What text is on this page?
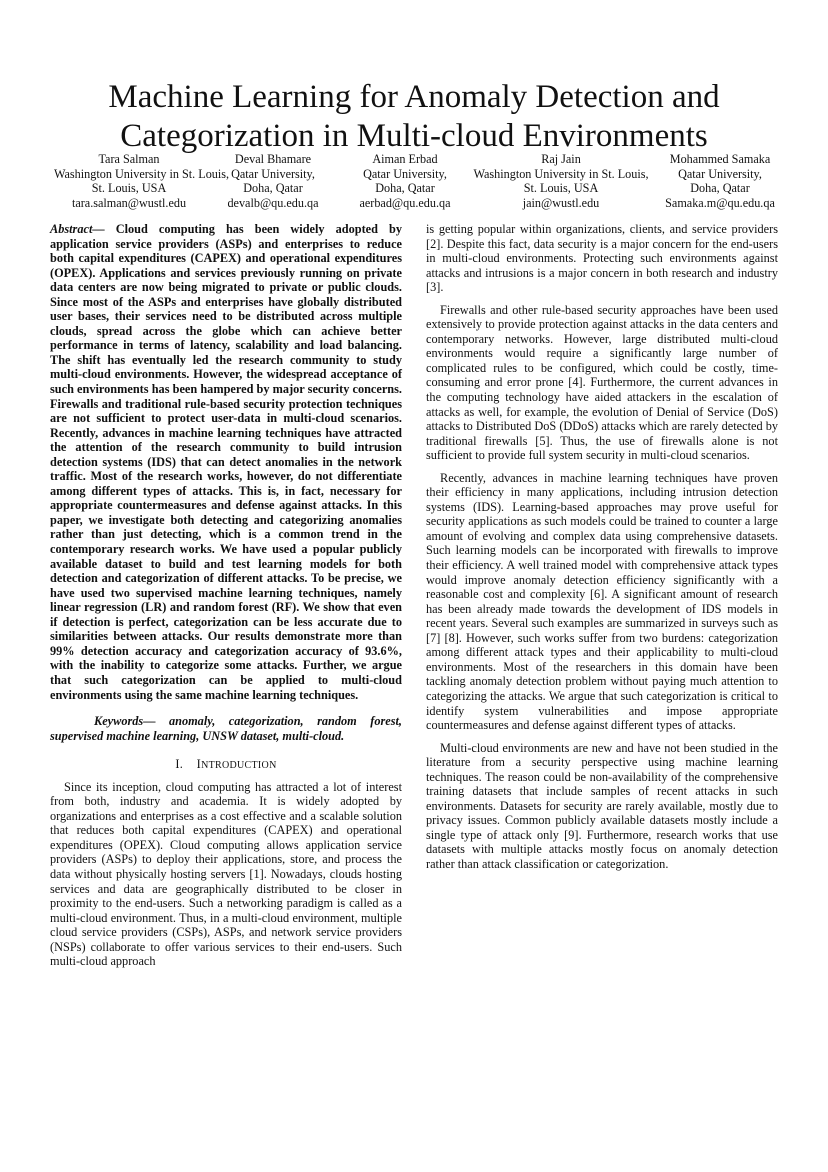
Machine Learning for Anomaly Detection and
Categorization in Multi-cloud Environments
Tara Salman
Washington University in St. Louis,
St. Louis, USA
tara.salman@wustl.edu
Deval Bhamare
Qatar University,
Doha, Qatar
devalb@qu.edu.qa
Aiman Erbad
Qatar University,
Doha, Qatar
aerbad@qu.edu.qa
Raj Jain
Washington University in St. Louis,
St. Louis, USA
jain@wustl.edu
Mohammed Samaka
Qatar University,
Doha, Qatar
Samaka.m@qu.edu.qa

Abstract— Cloud computing has been widely adopted by application service providers (ASPs) and enterprises to reduce both capital expenditures (CAPEX) and operational expenditures (OPEX). Applications and services previously running on private data centers are now being migrated to private or public clouds. Since most of the ASPs and enterprises have globally distributed user bases, their services need to be distributed across multiple clouds, spread across the globe which can achieve better performance in terms of latency, scalability and load balancing. The shift has eventually led the research community to study multi-cloud environments. However, the widespread acceptance of such environments has been hampered by major security concerns. Firewalls and traditional rule-based security protection techniques are not sufficient to protect user-data in multi-cloud scenarios. Recently, advances in machine learning techniques have attracted the attention of the research community to build intrusion detection systems (IDS) that can detect anomalies in the network traffic. Most of the research works, however, do not differentiate among different types of attacks. This is, in fact, necessary for appropriate countermeasures and defense against attacks. In this paper, we investigate both detecting and categorizing anomalies rather than just detecting, which is a common trend in the contemporary research works. We have used a popular publicly available dataset to build and test learning models for both detection and categorization of different attacks. To be precise, we have used two supervised machine learning techniques, namely linear regression (LR) and random forest (RF). We show that even if detection is perfect, categorization can be less accurate due to similarities between attacks. Our results demonstrate more than 99% detection accuracy and categorization accuracy of 93.6%, with the inability to categorize some attacks. Further, we argue that such categorization can be applied to multi-cloud environments using the same machine learning techniques.

Keywords— anomaly, categorization, random forest, supervised machine learning, UNSW dataset, multi-cloud.

I. INTRODUCTION

Since its inception, cloud computing has attracted a lot of interest from both, industry and academia. It is widely adopted by organizations and enterprises as a cost effective and a scalable solution that reduces both capital expenditures (CAPEX) and operational expenditures (OPEX). Cloud computing allows application service providers (ASPs) to deploy their applications, store, and process the data without physically hosting servers [1]. Nowadays, clouds hosting services and data are geographically distributed to be closer in proximity to the end-users. Such a networking paradigm is called as a multi-cloud environment. Thus, in a multi-cloud environment, multiple cloud service providers (CSPs), ASPs, and network service providers (NSPs) collaborate to offer various services to their end-users. Such multi-cloud approach

is getting popular within organizations, clients, and service providers [2]. Despite this fact, data security is a major concern for the end-users in multi-cloud environments. Protecting such environments against attacks and intrusions is a major concern in both research and industry [3].

Firewalls and other rule-based security approaches have been used extensively to provide protection against attacks in the data centers and contemporary networks. However, large distributed multi-cloud environments would require a significantly large number of complicated rules to be configured, which could be costly, time-consuming and error prone [4]. Furthermore, the current advances in the computing technology have aided attackers in the escalation of attacks as well, for example, the evolution of Denial of Service (DoS) attacks to Distributed DoS (DDoS) attacks which are rarely detected by traditional firewalls [5]. Thus, the use of firewalls alone is not sufficient to provide full system security in multi-cloud scenarios.

Recently, advances in machine learning techniques have proven their efficiency in many applications, including intrusion detection systems (IDS). Learning-based approaches may prove useful for security applications as such models could be trained to counter a large amount of evolving and complex data using comprehensive datasets. Such learning models can be incorporated with firewalls to improve their efficiency. A well trained model with comprehensive attack types would improve anomaly detection efficiency significantly with a reasonable cost and complexity [6]. A significant amount of research has been already made towards the development of IDS models in recent years. Several such examples are summarized in surveys such as [7] [8]. However, such works suffer from two burdens: categorization among different attack types and their applicability to multi-cloud environments. Most of the researchers in this domain have been tackling anomaly detection problem without paying much attention to categorizing the attacks. We argue that such categorization is critical to identify system vulnerabilities and impose appropriate countermeasures and defense against different types of attacks.

Multi-cloud environments are new and have not been studied in the literature from a security perspective using machine learning techniques. The reason could be non-availability of the comprehensive training datasets that include samples of recent attacks in such environments. Datasets for security are rarely available, mostly due to privacy issues. Common publicly available datasets mostly include a single type of attack only [9]. Furthermore, research works that use datasets with multiple attacks mostly focus on anomaly detection rather than attack classification or categorization.
